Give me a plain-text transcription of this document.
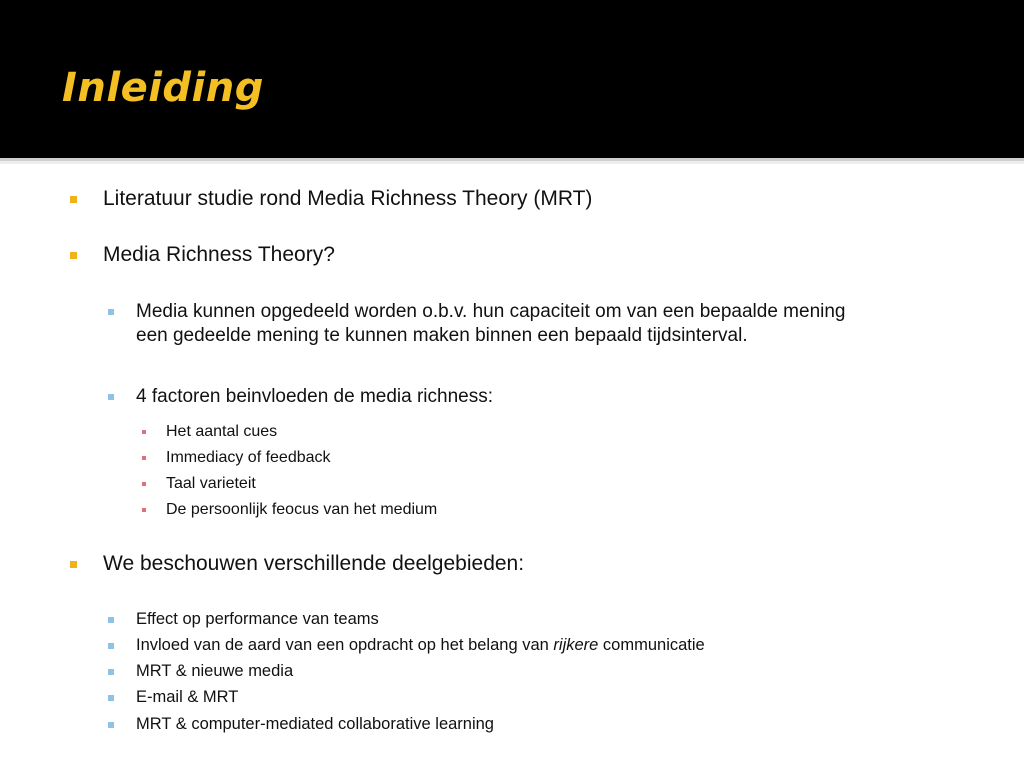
Inleiding
Literatuur studie rond Media Richness Theory (MRT)
Media Richness Theory?
Media kunnen opgedeeld worden o.b.v. hun capaciteit om van een bepaalde mening
een gedeelde mening te kunnen maken binnen een bepaald tijdsinterval.
4 factoren beinvloeden de media richness:
Het aantal cues
Immediacy of feedback
Taal varieteit
De persoonlijk feocus van het medium
We beschouwen verschillende deelgebieden:
Effect op performance van teams
Invloed van de aard van een opdracht op het belang van rijkere communicatie
MRT & nieuwe media
E-mail & MRT
MRT & computer-mediated collaborative learning
